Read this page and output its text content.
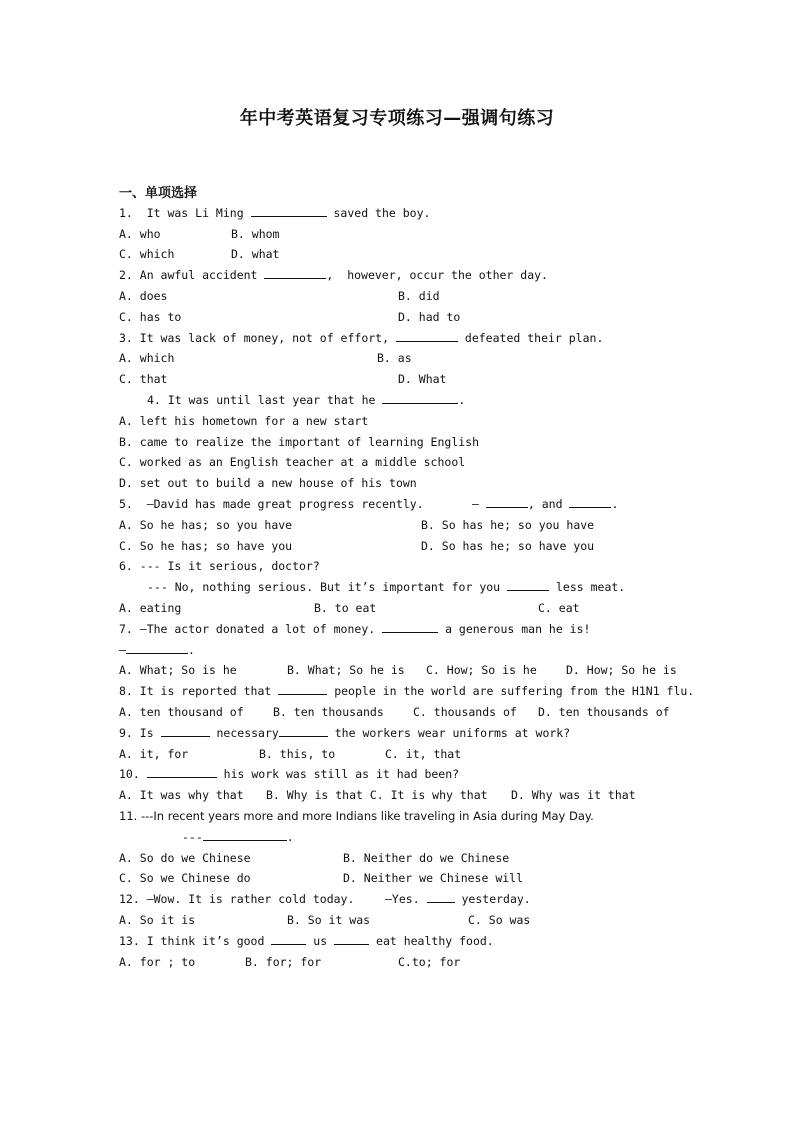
年中考英语复习专项练习—强调句练习
一、单项选择
1.  It was Li Ming	saved the boy.
A. who	B. whom
C. which	D. what
2. An awful accident	,  however, occur the other day.
A. does	B. did
C. has to	D. had to
3. It was lack of money, not of effort,	defeated their plan.
A. which	B. as
C. that	D. What
4. It was until last year that he	.
A. left his hometown for a new start
B. came to realize the important of learning English
C. worked as an English teacher at a middle school
D. set out to build a new house of his town
5.  –David has made great progress recently.	–	, and	.
A. So he has; so you have	B. So has he; so you have
C. So he has; so have you	D. So has he; so have you
6. --- Is it serious, doctor?
--- No, nothing serious. But it’s important for you	less meat.
A. eating	B. to eat	C. eat
7. —The actor donated a lot of money.	a generous man he is!
—	.
A. What; So is he	B. What; So he is C. How; So is he	D. How; So he is
8. It is reported that	people in the world are suffering from the H1N1 flu.
A. ten thousand of	B. ten thousands	C. thousands of D. ten thousands of
9. Is	necessary	the workers wear uniforms at work?
A. it, for	B. this, to	C. it, that
10.	his work was still as it had been?
A. It was why that B. Why is that C. It is why that D. Why was it that
11. ---In recent years more and more Indians like traveling in Asia during May Day.
---	.
A. So do we Chinese	B. Neither do we Chinese
C. So we Chinese do	D. Neither we Chinese will
12. —Wow. It is rather cold today.	—Yes.	yesterday.
A. So it is	B. So it was	C. So was
13. I think it’s good	us	eat healthy food.
A. for ; to	B. for; for	C.to; for
